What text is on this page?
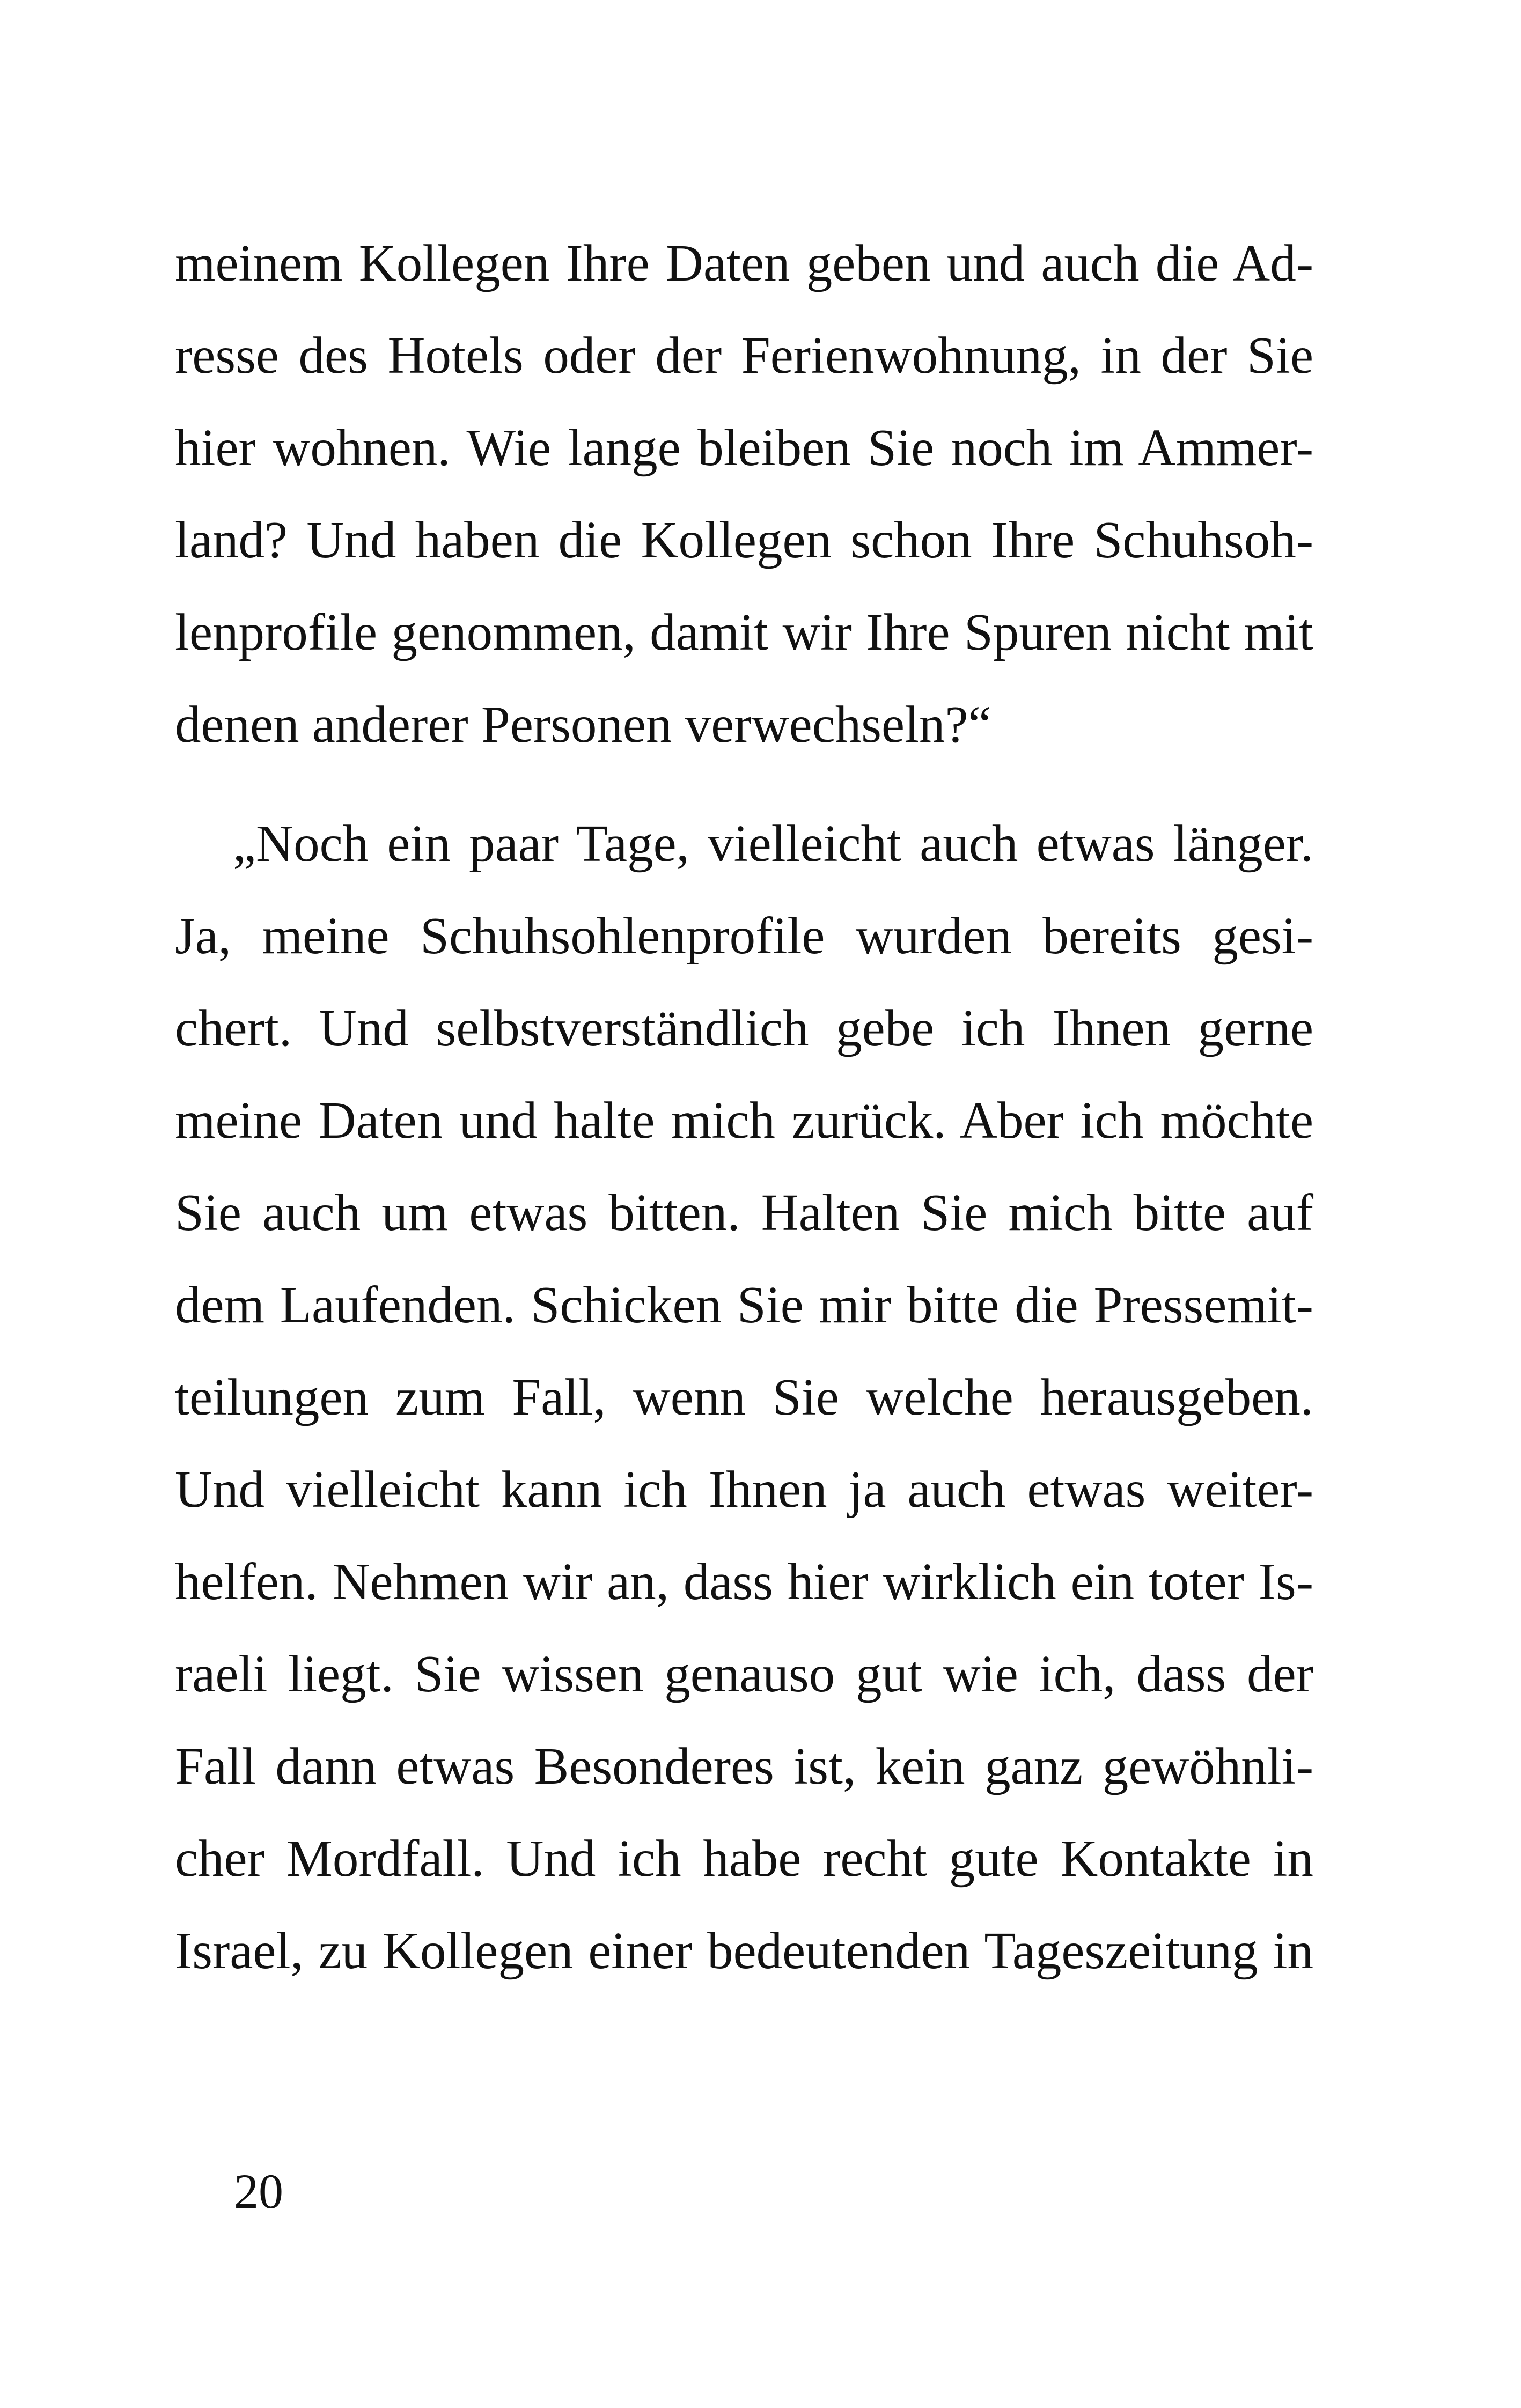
meinem Kollegen Ihre Daten geben und auch die Ad-
resse des Hotels oder der Ferienwohnung, in der Sie
hier wohnen. Wie lange bleiben Sie noch im Ammer-
land? Und haben die Kollegen schon Ihre Schuhsoh-
lenprofile genommen, damit wir Ihre Spuren nicht mit
denen anderer Personen verwechseln?“
„Noch ein paar Tage, vielleicht auch etwas länger.
Ja, meine Schuhsohlenprofile wurden bereits gesi-
chert. Und selbstverständlich gebe ich Ihnen gerne
meine Daten und halte mich zurück. Aber ich möchte
Sie auch um etwas bitten. Halten Sie mich bitte auf
dem Laufenden. Schicken Sie mir bitte die Pressemit-
teilungen zum Fall, wenn Sie welche herausgeben.
Und vielleicht kann ich Ihnen ja auch etwas weiter-
helfen. Nehmen wir an, dass hier wirklich ein toter Is-
raeli liegt. Sie wissen genauso gut wie ich, dass der
Fall dann etwas Besonderes ist, kein ganz gewöhnli-
cher Mordfall. Und ich habe recht gute Kontakte in
Israel, zu Kollegen einer bedeutenden Tageszeitung in
20
